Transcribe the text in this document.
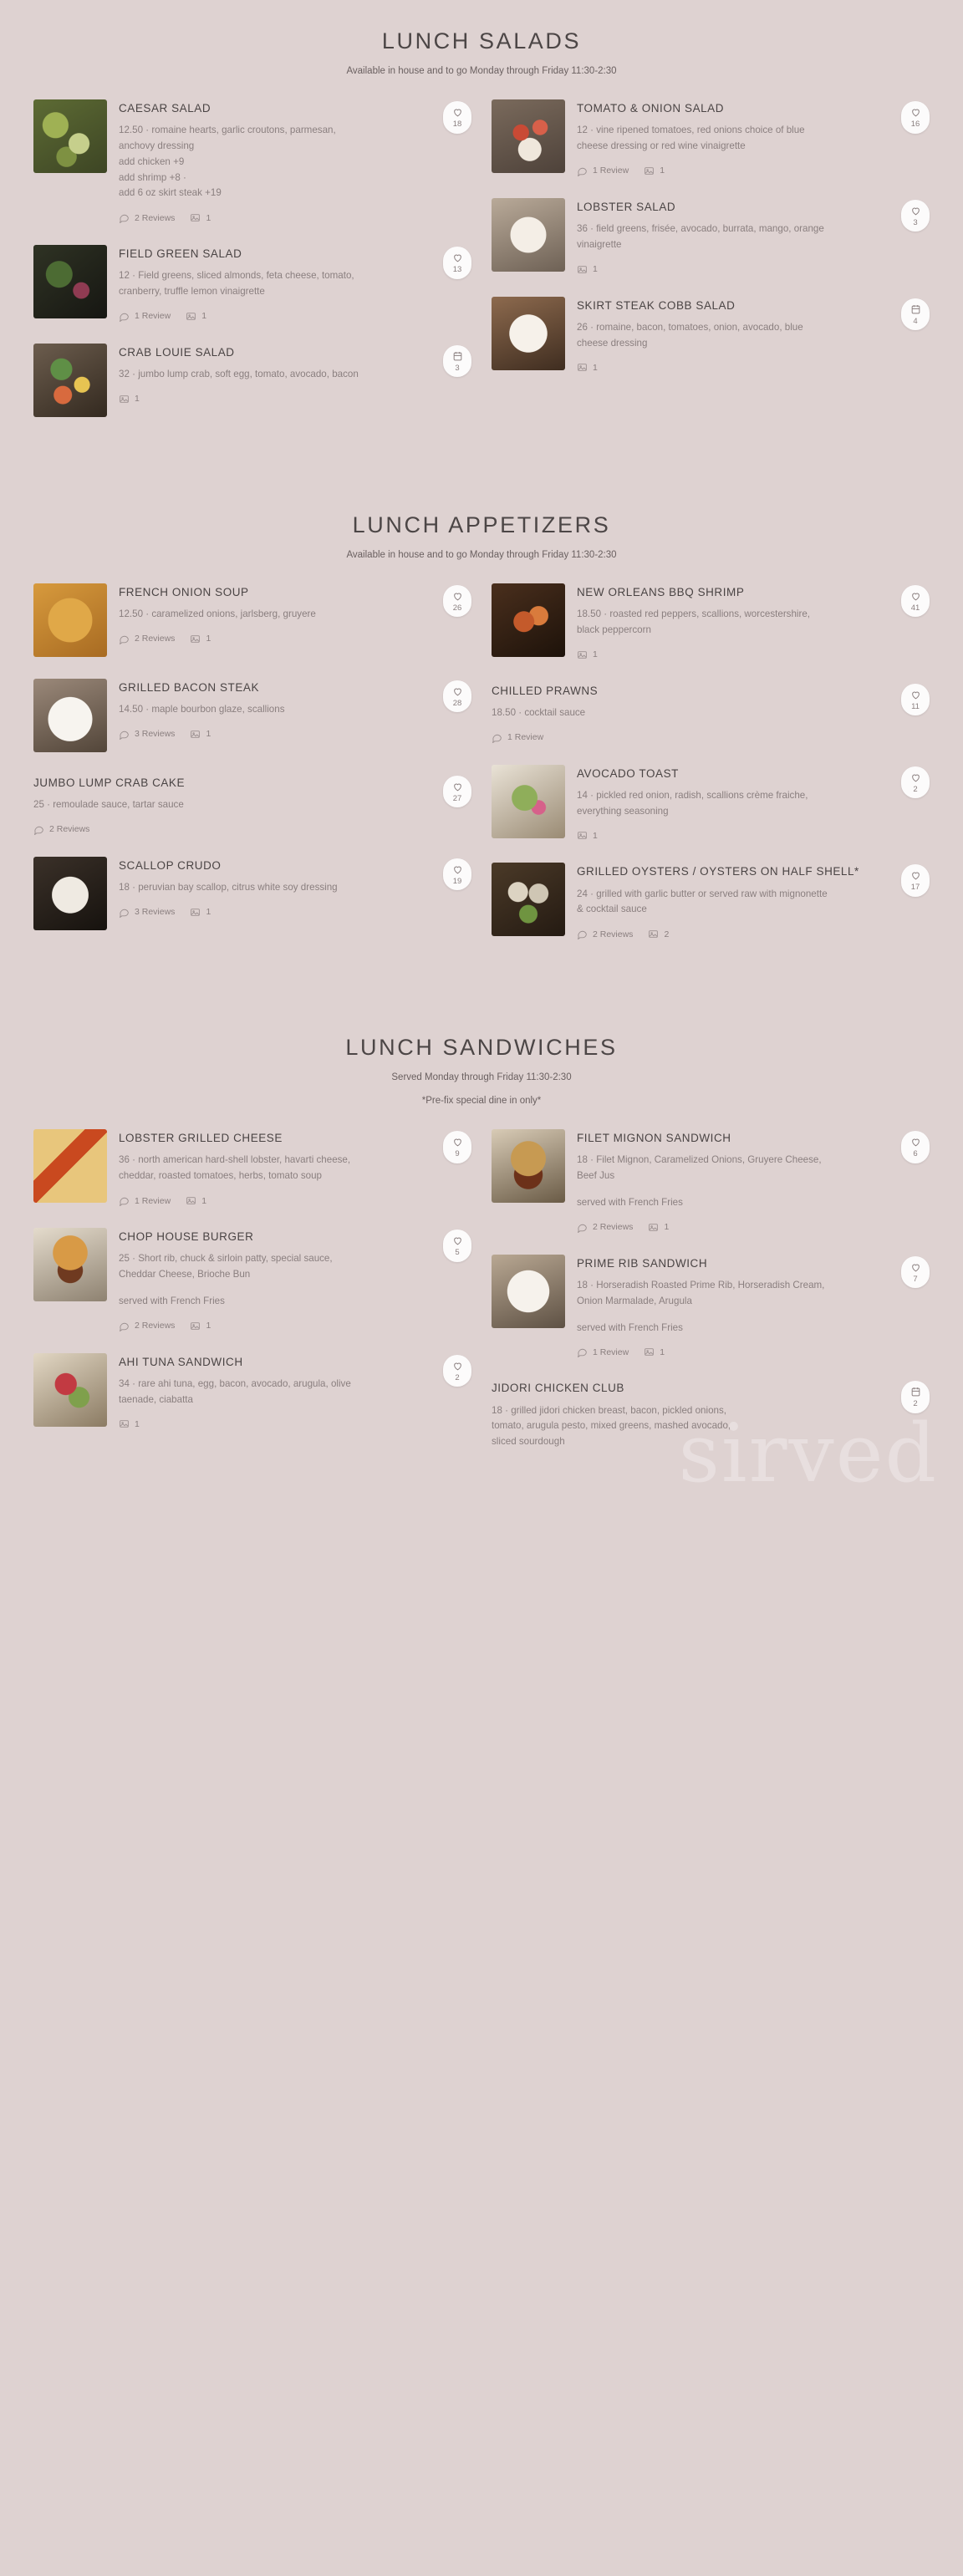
LUNCH SALADS

Available in house and to go Monday through Friday 11:30-2:30

CAESAR SALAD

12.50 · romaine hearts, garlic croutons, parmesan, anchovy dressing
add chicken +9
add shrimp +8 ·
add 6 oz skirt steak +19

2 Reviews	1
18

FIELD GREEN SALAD

12 · Field greens, sliced almonds, feta cheese, tomato, cranberry, truffle lemon vinaigrette

1 Review	1
13

CRAB LOUIE SALAD

32 · jumbo lump crab, soft egg, tomato, avocado, bacon

1
3

TOMATO & ONION SALAD

12 · vine ripened tomatoes, red onions choice of blue cheese dressing or red wine vinaigrette

1 Review	1
16

LOBSTER SALAD

36 · field greens, frisée, avocado, burrata, mango, orange vinaigrette

1
3

SKIRT STEAK COBB SALAD

26 · romaine, bacon, tomatoes, onion, avocado, blue cheese dressing

1
4
LUNCH APPETIZERS

Available in house and to go Monday through Friday 11:30-2:30

FRENCH ONION SOUP

12.50 · caramelized onions, jarlsberg, gruyere

2 Reviews	1
26

GRILLED BACON STEAK

14.50 · maple bourbon glaze, scallions

3 Reviews	1
28

JUMBO LUMP CRAB CAKE

25 · remoulade sauce, tartar sauce

2 Reviews
27

SCALLOP CRUDO

18 · peruvian bay scallop, citrus white soy dressing

3 Reviews	1
19

NEW ORLEANS BBQ SHRIMP

18.50 · roasted red peppers, scallions, worcestershire, black peppercorn

1
41

CHILLED PRAWNS

18.50 · cocktail sauce

1 Review
11

AVOCADO TOAST

14 · pickled red onion, radish, scallions crème fraiche, everything seasoning

1
2

GRILLED OYSTERS / OYSTERS ON HALF SHELL*

24 · grilled with garlic butter or served raw with mignonette & cocktail sauce

2 Reviews	2
17
LUNCH SANDWICHES

Served Monday through Friday 11:30-2:30

*Pre-fix special dine in only*

LOBSTER GRILLED CHEESE

36 · north american hard-shell lobster, havarti cheese, cheddar, roasted tomatoes, herbs, tomato soup

1 Review	1
9

CHOP HOUSE BURGER

25 · Short rib, chuck & sirloin patty, special sauce, Cheddar Cheese, Brioche Bun

served with French Fries

2 Reviews	1
5

AHI TUNA SANDWICH

34 · rare ahi tuna, egg, bacon, avocado, arugula, olive taenade, ciabatta

1
2

FILET MIGNON SANDWICH

18 · Filet Mignon, Caramelized Onions, Gruyere Cheese, Beef Jus

served with French Fries

2 Reviews	1
6

PRIME RIB SANDWICH

18 · Horseradish Roasted Prime Rib, Horseradish Cream, Onion Marmalade, Arugula

served with French Fries

1 Review	1
7

JIDORI CHICKEN CLUB

18 · grilled jidori chicken breast, bacon, pickled onions, tomato, arugula pesto, mixed greens, mashed avocado, sliced sourdough

2
sirved
